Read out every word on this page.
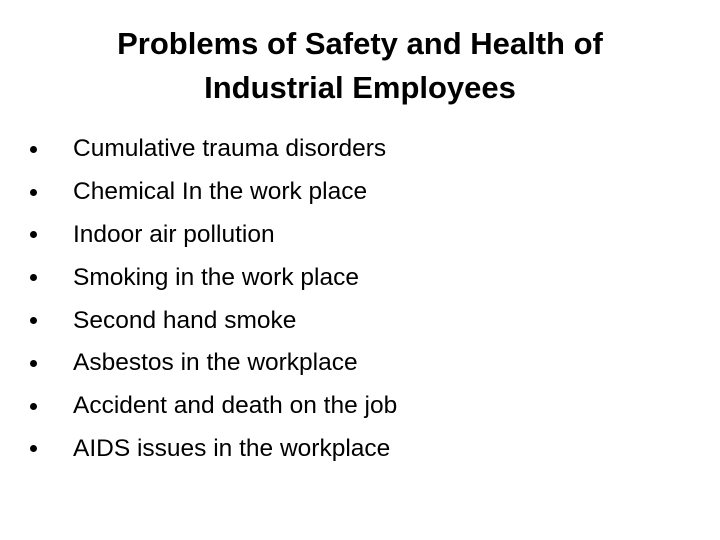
Problems of Safety and Health of
Industrial Employees
Cumulative trauma disorders
Chemical In the work place
Indoor air pollution
Smoking in the work place
Second hand smoke
Asbestos in the workplace
Accident and death on the job
AIDS issues in the workplace
